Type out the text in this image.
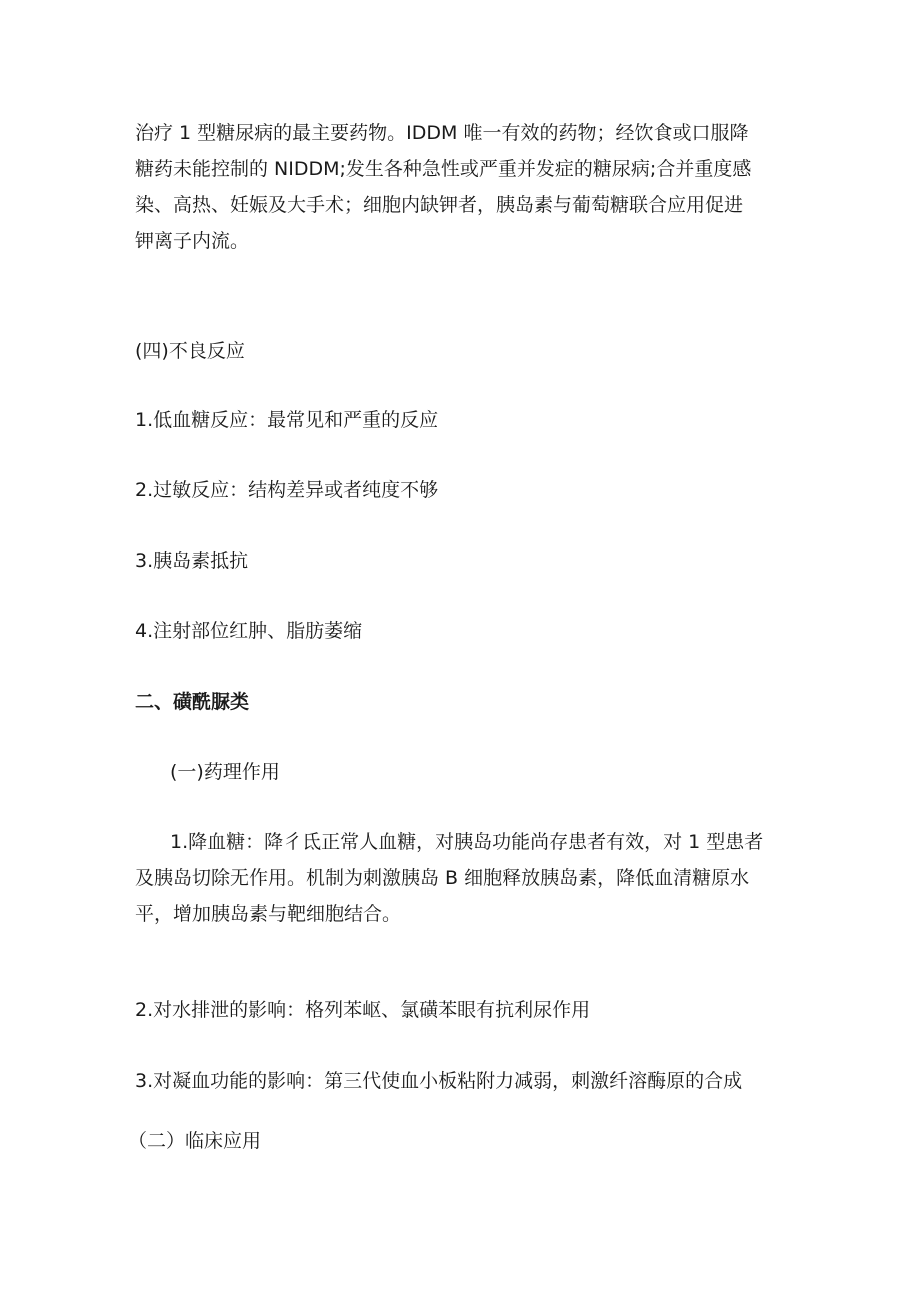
治疗 1 型糖尿病的最主要药物。IDDM 唯一有效的药物；经饮食或口服降
糖药未能控制的 NIDDM;发生各种急性或严重并发症的糖尿病;合并重度感
染、高热、妊娠及大手术；细胞内缺钾者，胰岛素与葡萄糖联合应用促进
钾离子内流。

(四)不良反应

1.低血糖反应：最常见和严重的反应

2.过敏反应：结构差异或者纯度不够

3.胰岛素抵抗

4.注射部位红肿、脂肪萎缩

二、磺酰脲类

(一)药理作用

1.降血糖：降彳氐正常人血糖，对胰岛功能尚存患者有效，对 1 型患者
及胰岛切除无作用。机制为刺激胰岛 B 细胞释放胰岛素，降低血清糖原水
平，增加胰岛素与靶细胞结合。

2.对水排泄的影响：格列苯岖、氯磺苯眼有抗利尿作用

3.对凝血功能的影响：第三代使血小板粘附力减弱，刺激纤溶酶原的合成

（二）临床应用
